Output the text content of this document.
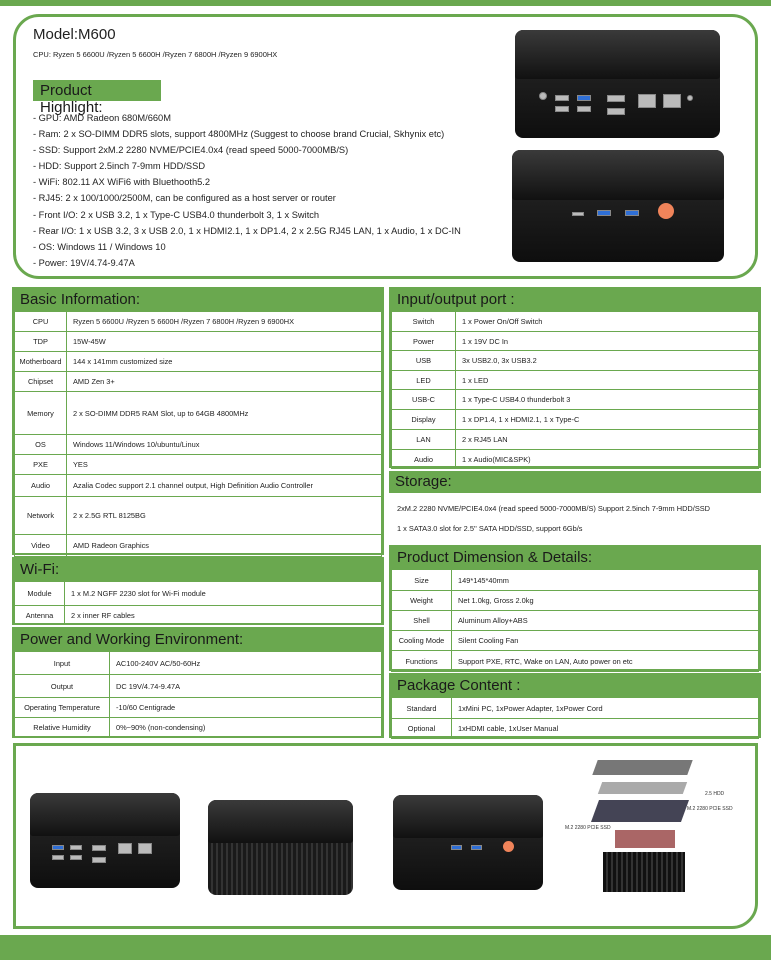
Model:M600
CPU: Ryzen 5 6600U /Ryzen 5 6600H /Ryzen 7 6800H /Ryzen 9 6900HX
Product Highlight:
- GPU: AMD Radeon 680M/660M
- Ram: 2 x SO-DIMM DDR5 slots, support 4800MHz (Suggest to choose brand Crucial, Skhynix etc)
- SSD: Support 2xM.2 2280 NVME/PCIE4.0x4 (read speed 5000-7000MB/S)
- HDD: Support 2.5inch 7-9mm HDD/SSD
- WiFi: 802.11 AX WiFi6 with Bluethooth5.2
- RJ45: 2 x 100/1000/2500M, can be configured as a host server or router
- Front I/O: 2 x USB 3.2, 1 x Type-C USB4.0 thunderbolt 3, 1 x Switch
- Rear I/O: 1 x USB 3.2, 3 x USB 2.0, 1 x HDMI2.1, 1 x DP1.4, 2 x 2.5G RJ45 LAN, 1 x Audio, 1 x DC-IN
- OS: Windows 11 / Windows 10
- Power: 19V/4.74-9.47A
Basic Information:
CPU	Ryzen 5 6600U /Ryzen 5 6600H /Ryzen 7 6800H /Ryzen 9 6900HX
TDP	15W-45W
Motherboard	144 x 141mm customized size
Chipset	AMD Zen 3+
Memory	2 x SO-DIMM DDR5 RAM Slot, up to 64GB 4800MHz
OS	Windows 11/Windows 10/ubuntu/Linux
PXE	YES
Audio	Azalia Codec support 2.1 channel output, High Definition Audio Controller
Network	2 x 2.5G RTL 8125BG
Video	AMD Radeon Graphics
Wi-Fi:
Module	1 x M.2 NGFF 2230 slot for Wi-Fi module
Antenna	2 x inner RF cables
Power and Working Environment:
Input	AC100-240V AC/50-60Hz
Output	DC 19V/4.74-9.47A
Operating Temperature	-10/60 Centigrade
Relative Humidity	0%~90% (non-condensing)
Input/output port :
Switch	1 x Power On/Off Switch
Power	1 x 19V DC In
USB	3x USB2.0, 3x USB3.2
LED	1 x LED
USB-C	1 x Type-C USB4.0 thunderbolt 3
Display	1 x DP1.4, 1 x HDMI2.1, 1 x Type-C
LAN	2 x RJ45 LAN
Audio	1 x Audio(MIC&SPK)
Storage:
2xM.2 2280 NVME/PCIE4.0x4 (read speed 5000-7000MB/S) Support 2.5inch 7-9mm HDD/SSD
1 x SATA3.0 slot for 2.5'' SATA HDD/SSD, support 6Gb/s
Product Dimension & Details:
Size	149*145*40mm
Weight	Net 1.0kg, Gross 2.0kg
Shell	Aluminum Alloy+ABS
Cooling Mode	Silent Cooling Fan
Functions	Support PXE, RTC, Wake on LAN, Auto power on etc
Package Content :
Standard	1xMini PC, 1xPower Adapter, 1xPower Cord
Optional	1xHDMI cable, 1xUser Manual
2.5 HDD
M.2 2280 PCIE SSD
M.2 2280 PCIE SSD
